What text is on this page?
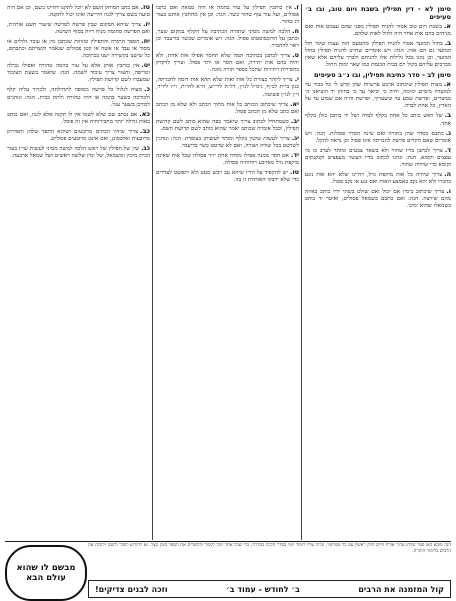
סימן לא - דין תפילין בשבת ויום טוב, ובו ב׳ סעיפים
א.בשבת ויום טוב אסור להניח תפילין מפני שהם עצמם אות ואם מניחים בהם אות אחר היה זלזול לאות שלהם.
ב.בחול המועד אסור להניח תפילין מהטעם הזה עצמו שימי חול המועד גם הם אות. הגה: ויש אומרים שחייב להניח תפילין בחול המועד, וכן נהגו בכל גלילות אלו להניחם ולברך עליהם אלא שאין מברכים עליהם בקול רם בבית הכנסת כמו שאר ימות החול.
סימן לב - סדר כתיבת תפילין, ובו נ״ב סעיפים
א.מצות תפילין שיכתוב ארבע פרשיות שהן קדש לי כל בכור עד למועדה מימים ימימה, והיה כי יביאך עד כי בחוזק יד הוציאנו ה׳ ממצרים, ופרשת שמע עד ובשעריך, ופרשת והיה אם שמוע עד על הארץ, כל אחת לבדה.
ב.של ראש כותב כל אחת בקלף לבדה ושל יד כותבן כולן בקלף אחד.
ג.כתבם כסדר שהן בתורה ואם שינה הסדר פסולות. הגה: ויש אומרים שאם הקדים פרשה לחברתה אינו פסול וכן נראה להקל.
ד.צריך לכתבן בדיו שחור ולא בשאר צבעים ומותר לערב בו מי עפצים וקומא. הגה: ונהגו לכתוב בדיו העשוי מעפצים וקנקנתום וקומא כדי שיהיה שחור.
ה.צריך שיהיה כל אות מוקפת גויל, דהיינו שלא יהא אות נוגע בחברו ולא יהא נקב באמצע האות ואם נגע או נקב פסול.
ו.צריך שיכתוב בימין אם יכול ואם שולט בשתי ידיו כותב באיזה מהם שירצה. הגה: ואם כתבם בשמאל פסולים, ואיטר יד כותב בשמאלו שהוא ימינו.
ז.אין כותבין תפילין על עור בהמה או חיה טמאה ואם כתבו פסולים, ועל עור עוף טהור כשר. הגה: וכן אין מחתכין אותם בעור דג טהור.
ח.הלכה למשה מסיני שתהיה הכתיבה על הקלף במקום שער, וכתבן על הדוכסוסטוס פסול. הגה: ויש אומרים שכשר בדיעבד וכן ראוי להחמיר.
ט.צריך לכתבן בכתיבה תמה שלא תחסר אפילו אות אחת, ולא יהיה בהם אות יתירה, ואם חסר או יתר פסול. וצריך לדקדק בחסירות ויתירות שהכל בספר תורה מוגה.
י.צריך ליזהר בצורת כל אות ואות שלא תהא אות דומה לחברתה, כגון בי״ת לכ״ף, גימ״ל לנו״ן, דל״ת לרי״ש, ה״א לחי״ת, וי״ו ליו״ד, זי״ן לנו״ן פשוטה.
יא.צריך שיכתוב הכותב כל אות מתוך הכתב ולא שלא מן הכתב ואם כתב שלא מן הכתב פסול.
יב.כשמתחיל לכתוב צריך שיאמר בפה שהוא כותב לשם קדושת תפילין, ובכל אזכרה שכותב יאמר שהוא כותב לשם קדושת השם.
יג.צריך לעשות שיטין בקלף ומותר לעשותן בעופרת. הגה: ונוהגין לשרטט בכל שורה ושורה, ואם לא שרטט כשר בדיעבד.
יד.אם חסר ממנה אפילו נקודה אחת יו״ד פסולה שכל אות שאינה מוקפת גויל מארבע רוחותיה פסולה.
טו.יש להקפיד על הדיו שיהא עב ויבש מעט ולא יתפשט לצדדים כדי שלא ידבקו האותיות זו בזו.
טז.אם כתב המוחק השם לא יוכל לתקנו דהיינו בשם, וכן אם היה טועה בשם צריך לגנוז היריעה ואינו יכול לתקנה.
יז.צריך שיהא המקום שבין פרשה לפרשה שיעור תשע אותיות, ואם הפרשה סתומה מניח ריוח בסוף השיטה.
יח.הספר התורה והתפילין ומזוזות שכתבן מין או עובד גלולים או מסור או עבד או אשה או קטן פסולים שנאמר וקשרתם וכתבתם, כל שישנו בקשירה ישנו בכתיבה.
יט.אין כותבין אותן אלא על עור בהמה טהורה ואפילו נבילה וטריפה, והעור צריך עיבוד לשמה. הגה: שיאמר בשעת העיבוד שמעבדו לשם קדושת תפילין.
כ.מצוה לגלול כל פרשה מסופה לתחילתה, ולכרוך עליה קלף ולכורכה בשער בהמה או חיה טהורה ולתת בבית. הגה: ונוהגים לכורכן בשער עגל.
כא.אם נכתב שם שלא לשמו אין לו תקנה אלא לגנוז, ואם נכתב באות גדולה יותר מחבירותיה אין זה פוסל.
כב.צריך שיהיו הבתים מרובעים ושיהא התפר שלהן ותפירתן מרובעות ואלכסונן, ואם אינם מרובעים פסולים.
כג.שין של תפילין של ראש הלכה למשה מסיני לעשות שי״ן בעור הבית מימין ומשמאל, של ימין שלשה ראשים ושל שמאל ארבעה.
מבשם לו שהוא
עולם הבא
הנה מובא כאן ספר שלחן ערוך אורח חיים חלק ראשון עם כל מפרשיו, ונלוה עליו לימוד יומי בסדר הלכה כסדרה, כדי שכל אחד יוכל ללמוד ולהשלים את הספר בזמן קצר. נא להודיע לחבר ולשכן ולזכות את הרבים בלימוד התורה.
קול המזמנה את הרבים
ב׳ לחודש - עמוד ב׳
וזכה לבנים צדיקים!
